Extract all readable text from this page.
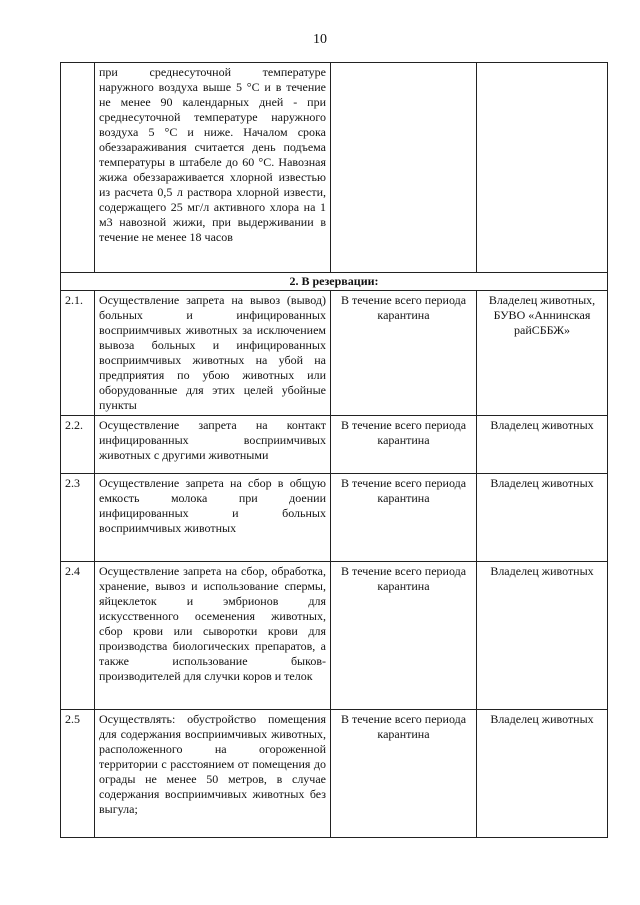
10
	при среднесуточной температуре наружного воздуха выше 5 °С и в течение не менее 90 календарных дней - при среднесуточной температуре наружного воздуха 5 °С и ниже. Началом срока обеззараживания считается день подъема температуры в штабеле до 60 °С. Навозная жижа обеззараживается хлорной известью из расчета 0,5 л раствора хлорной извести, содержащего 25 мг/л активного хлора на 1 м3 навозной жижи, при выдерживании в течение не менее 18 часов		
2. В резервации:			
2.1.	Осуществление запрета на вывоз (вывод) больных и инфицированных восприимчивых животных за исключением вывоза больных и инфицированных восприимчивых животных на убой на предприятия по убою животных или оборудованные для этих целей убойные пункты	В течение всего периода карантина	Владелец животных, БУВО «Аннинская райСББЖ»
2.2.	Осуществление запрета на контакт инфицированных восприимчивых животных с другими животными	В течение всего периода карантина	Владелец животных
2.3	Осуществление запрета на сбор в общую емкость молока при доении инфицированных и больных восприимчивых животных	В течение всего периода карантина	Владелец животных
2.4	Осуществление запрета на сбор, обработка, хранение, вывоз и использование спермы, яйцеклеток и эмбрионов для искусственного осеменения животных, сбор крови или сыворотки крови для производства биологических препаратов, а также использование быков-производителей для случки коров и телок	В течение всего периода карантина	Владелец животных
2.5	Осуществлять: обустройство помещения для содержания восприимчивых животных, расположенного на огороженной территории с расстоянием от помещения до ограды не менее 50 метров, в случае содержания восприимчивых животных без выгула;	В течение всего периода карантина	Владелец животных
